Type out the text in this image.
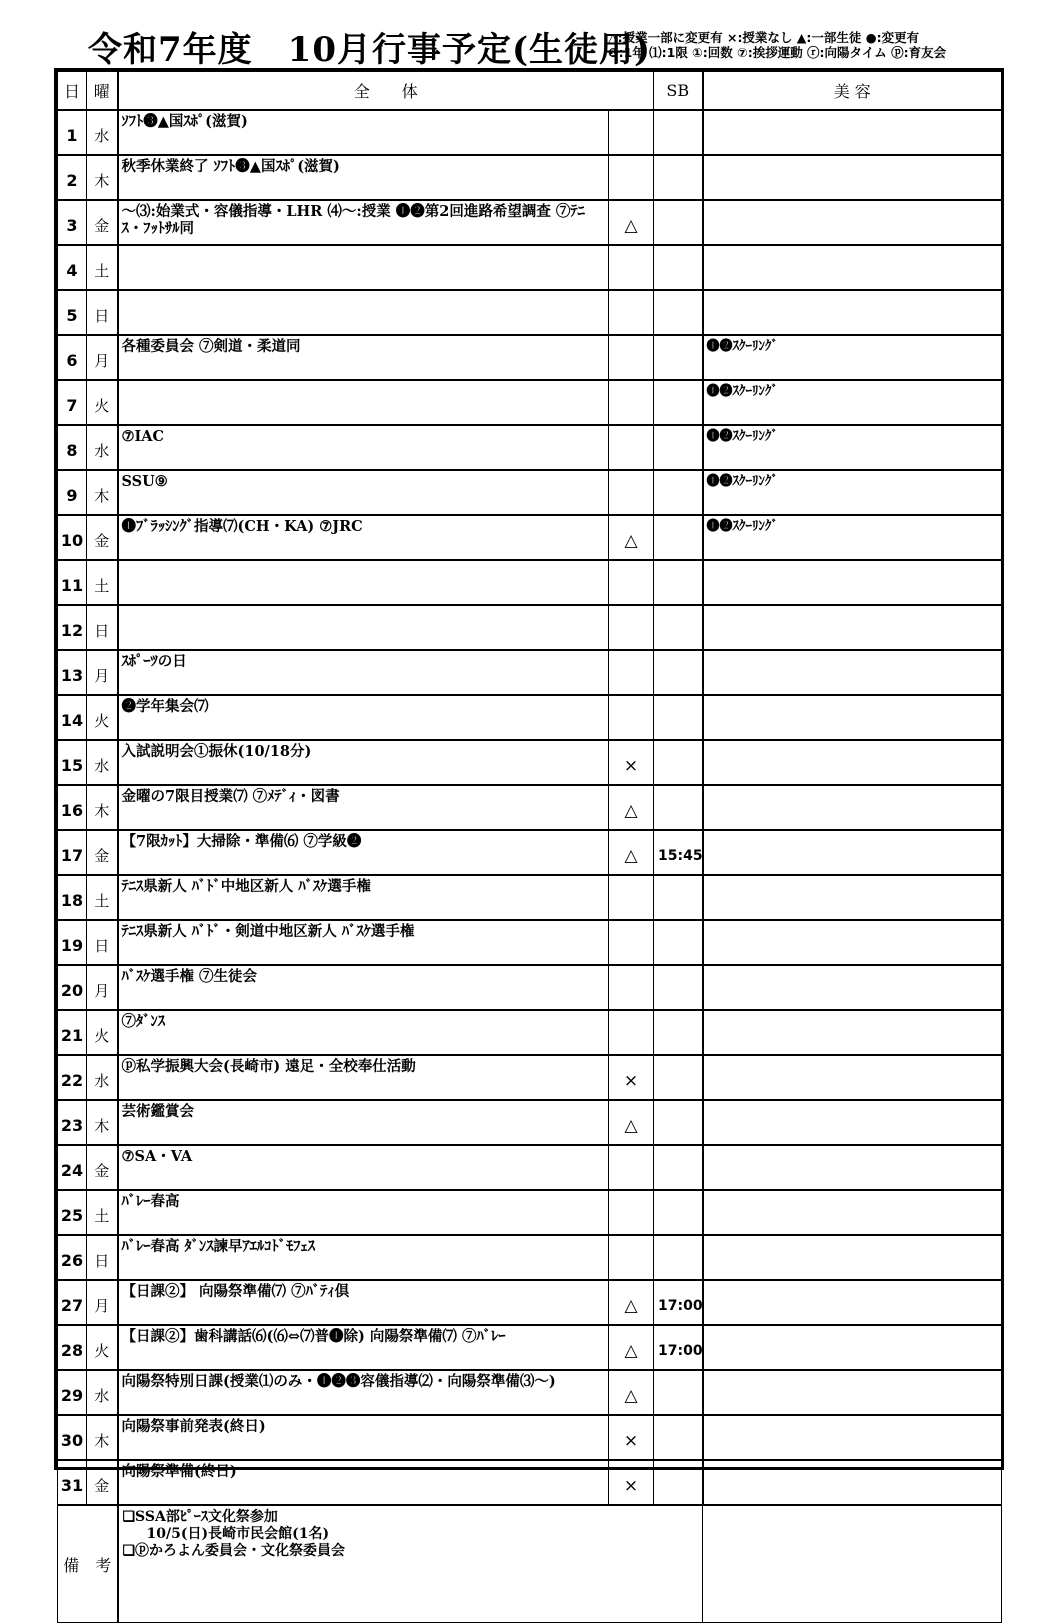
令和7年度　10月行事予定(生徒用)
△:授業一部に変更有 ×:授業なし ▲:一部生徒 ●:変更有
❶:1年 ⑴:1限 ①:回数 ⑦:挨拶運動 ⓡ:向陽タイム ⓟ:育友会
日	曜	全　　体		SB	美 容
1	水	ｿﾌﾄ❸▲国ｽﾎﾟ(滋賀)			
2	木	秋季休業終了 ｿﾌﾄ❸▲国ｽﾎﾟ(滋賀)			
3	金	～⑶:始業式・容儀指導・LHR ⑷～:授業 ❶❷第2回進路希望調査 ⑦ﾃﾆｽ・ﾌｯﾄｻﾙ同	△		
4	土				
5	日				
6	月	各種委員会 ⑦剣道・柔道同			❶❷ｽｸｰﾘﾝｸﾞ
7	火				❶❷ｽｸｰﾘﾝｸﾞ
8	水	⑦IAC			❶❷ｽｸｰﾘﾝｸﾞ
9	木	SSU⑨			❶❷ｽｸｰﾘﾝｸﾞ
10	金	❶ﾌﾞﾗｯｼﾝｸﾞ指導⑺(CH・KA) ⑦JRC	△		❶❷ｽｸｰﾘﾝｸﾞ
11	土				
12	日				
13	月	ｽﾎﾟｰﾂの日			
14	火	❷学年集会⑺			
15	水	入試説明会①振休(10/18分)	×		
16	木	金曜の7限目授業⑺ ⑦ﾒﾃﾞｨ・図書	△		
17	金	【7限ｶｯﾄ】大掃除・準備⑹ ⑦学級❷	△	15:45	
18	土	ﾃﾆｽ県新人 ﾊﾞﾄﾞ中地区新人 ﾊﾞｽｹ選手権			
19	日	ﾃﾆｽ県新人 ﾊﾞﾄﾞ・剣道中地区新人 ﾊﾞｽｹ選手権			
20	月	ﾊﾞｽｹ選手権 ⑦生徒会			
21	火	⑦ﾀﾞﾝｽ			
22	水	ⓟ私学振興大会(長崎市) 遠足・全校奉仕活動	×		
23	木	芸術鑑賞会	△		
24	金	⑦SA・VA			
25	土	ﾊﾞﾚｰ春高			
26	日	ﾊﾞﾚｰ春高 ﾀﾞﾝｽ諫早ｱｴﾙｺﾄﾞﾓﾌｪｽ			
27	月	【日課②】 向陽祭準備⑺ ⑦ﾊﾞﾃｨ倶	△	17:00	
28	火	【日課②】歯科講話⑹(⑹⇔⑺普❶除) 向陽祭準備⑺ ⑦ﾊﾞﾚｰ	△	17:00	
29	水	向陽祭特別日課(授業⑴のみ・❶❷❸容儀指導⑵・向陽祭準備⑶～)	△		
30	木	向陽祭事前発表(終日)	×		
31	金	向陽祭準備(終日)	×		
備　考		❏SSA部ﾋﾟｰｽ文化祭参加
10/5(日)長崎市民会館(1名)
❏ⓟかろよん委員会・文化祭委員会			
